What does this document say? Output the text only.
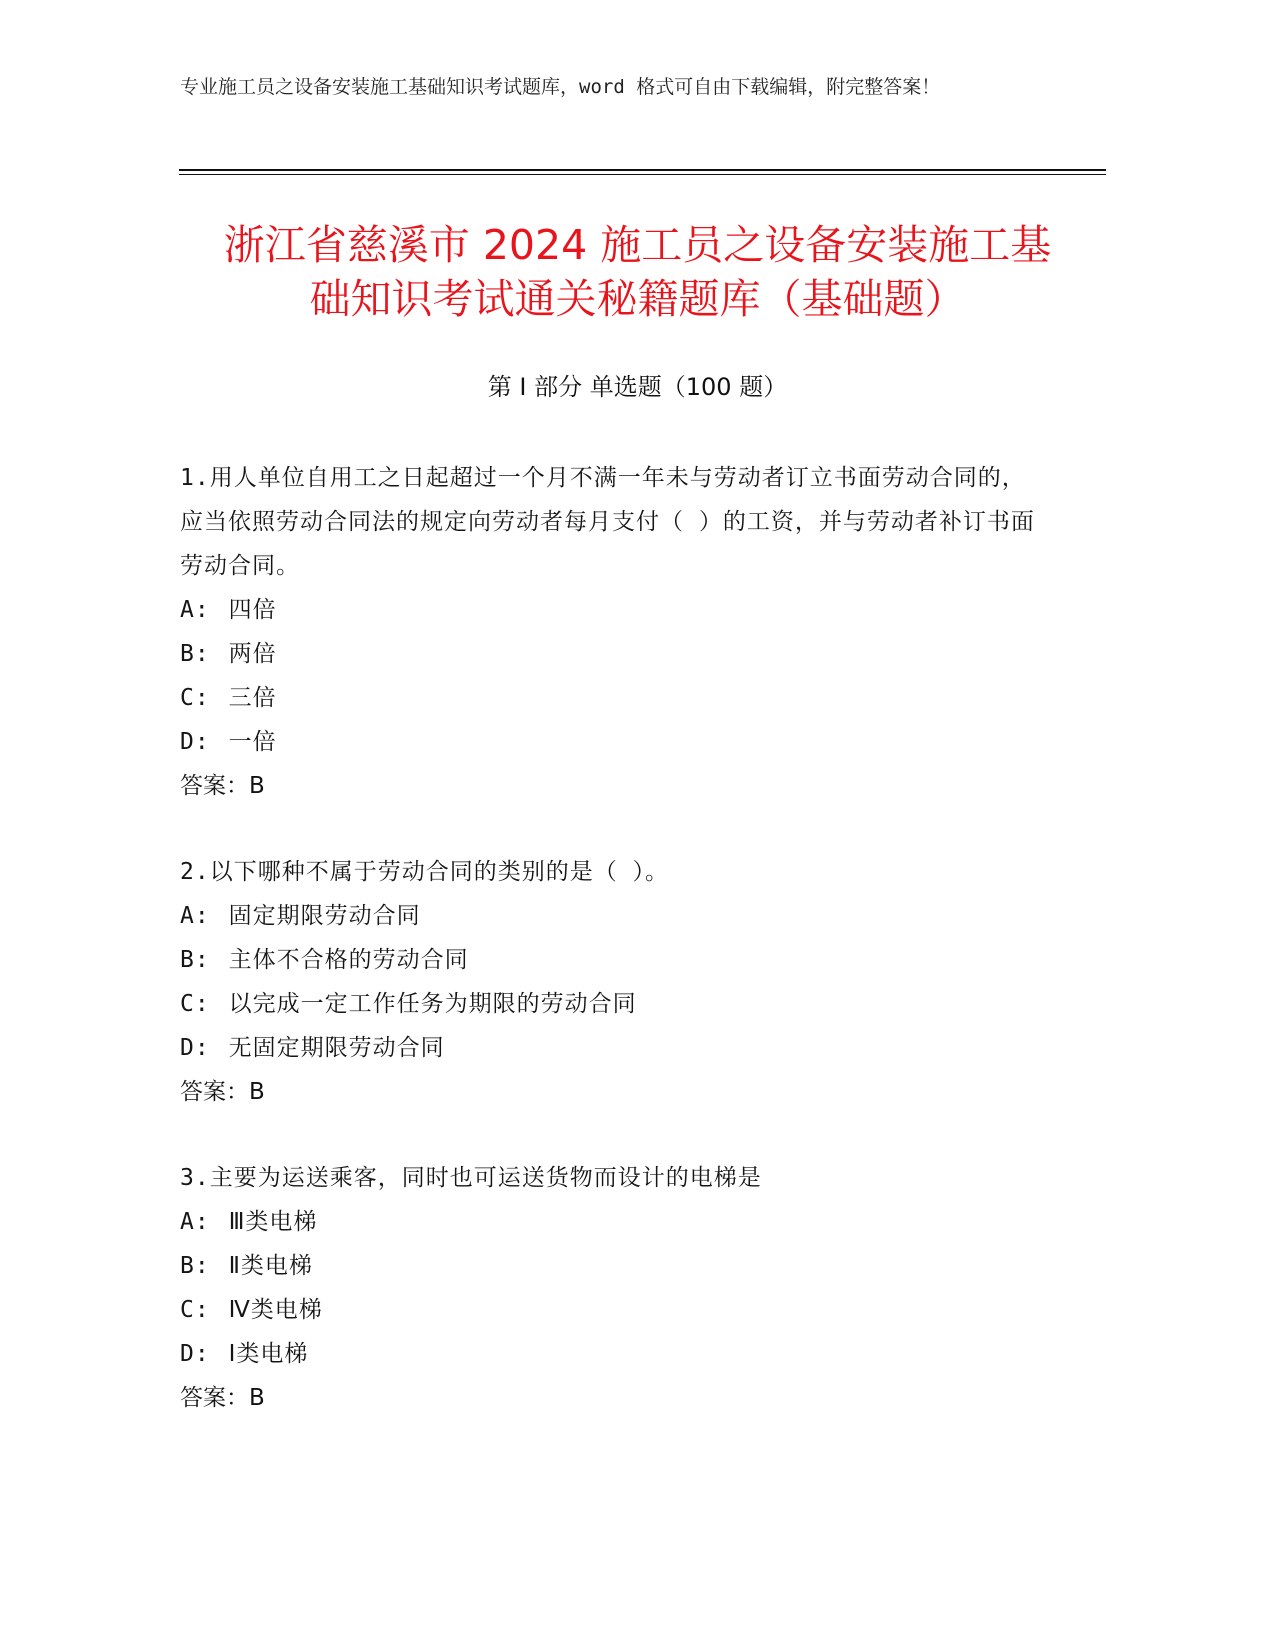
专业施工员之设备安装施工基础知识考试题库，word 格式可自由下载编辑，附完整答案！
浙江省慈溪市 2024 施工员之设备安装施工基
础知识考试通关秘籍题库（基础题）
第 I 部分 单选题（100 题）
1.用人单位自用工之日起超过一个月不满一年未与劳动者订立书面劳动合同的，应当依照劳动合同法的规定向劳动者每月支付（ ）的工资，并与劳动者补订书面劳动合同。
A: 四倍
B: 两倍
C: 三倍
D: 一倍
答案：B
2.以下哪种不属于劳动合同的类别的是（ ）。
A: 固定期限劳动合同
B: 主体不合格的劳动合同
C: 以完成一定工作任务为期限的劳动合同
D: 无固定期限劳动合同
答案：B
3.主要为运送乘客，同时也可运送货物而设计的电梯是
A: Ⅲ类电梯
B: Ⅱ类电梯
C: Ⅳ类电梯
D: Ⅰ类电梯
答案：B
